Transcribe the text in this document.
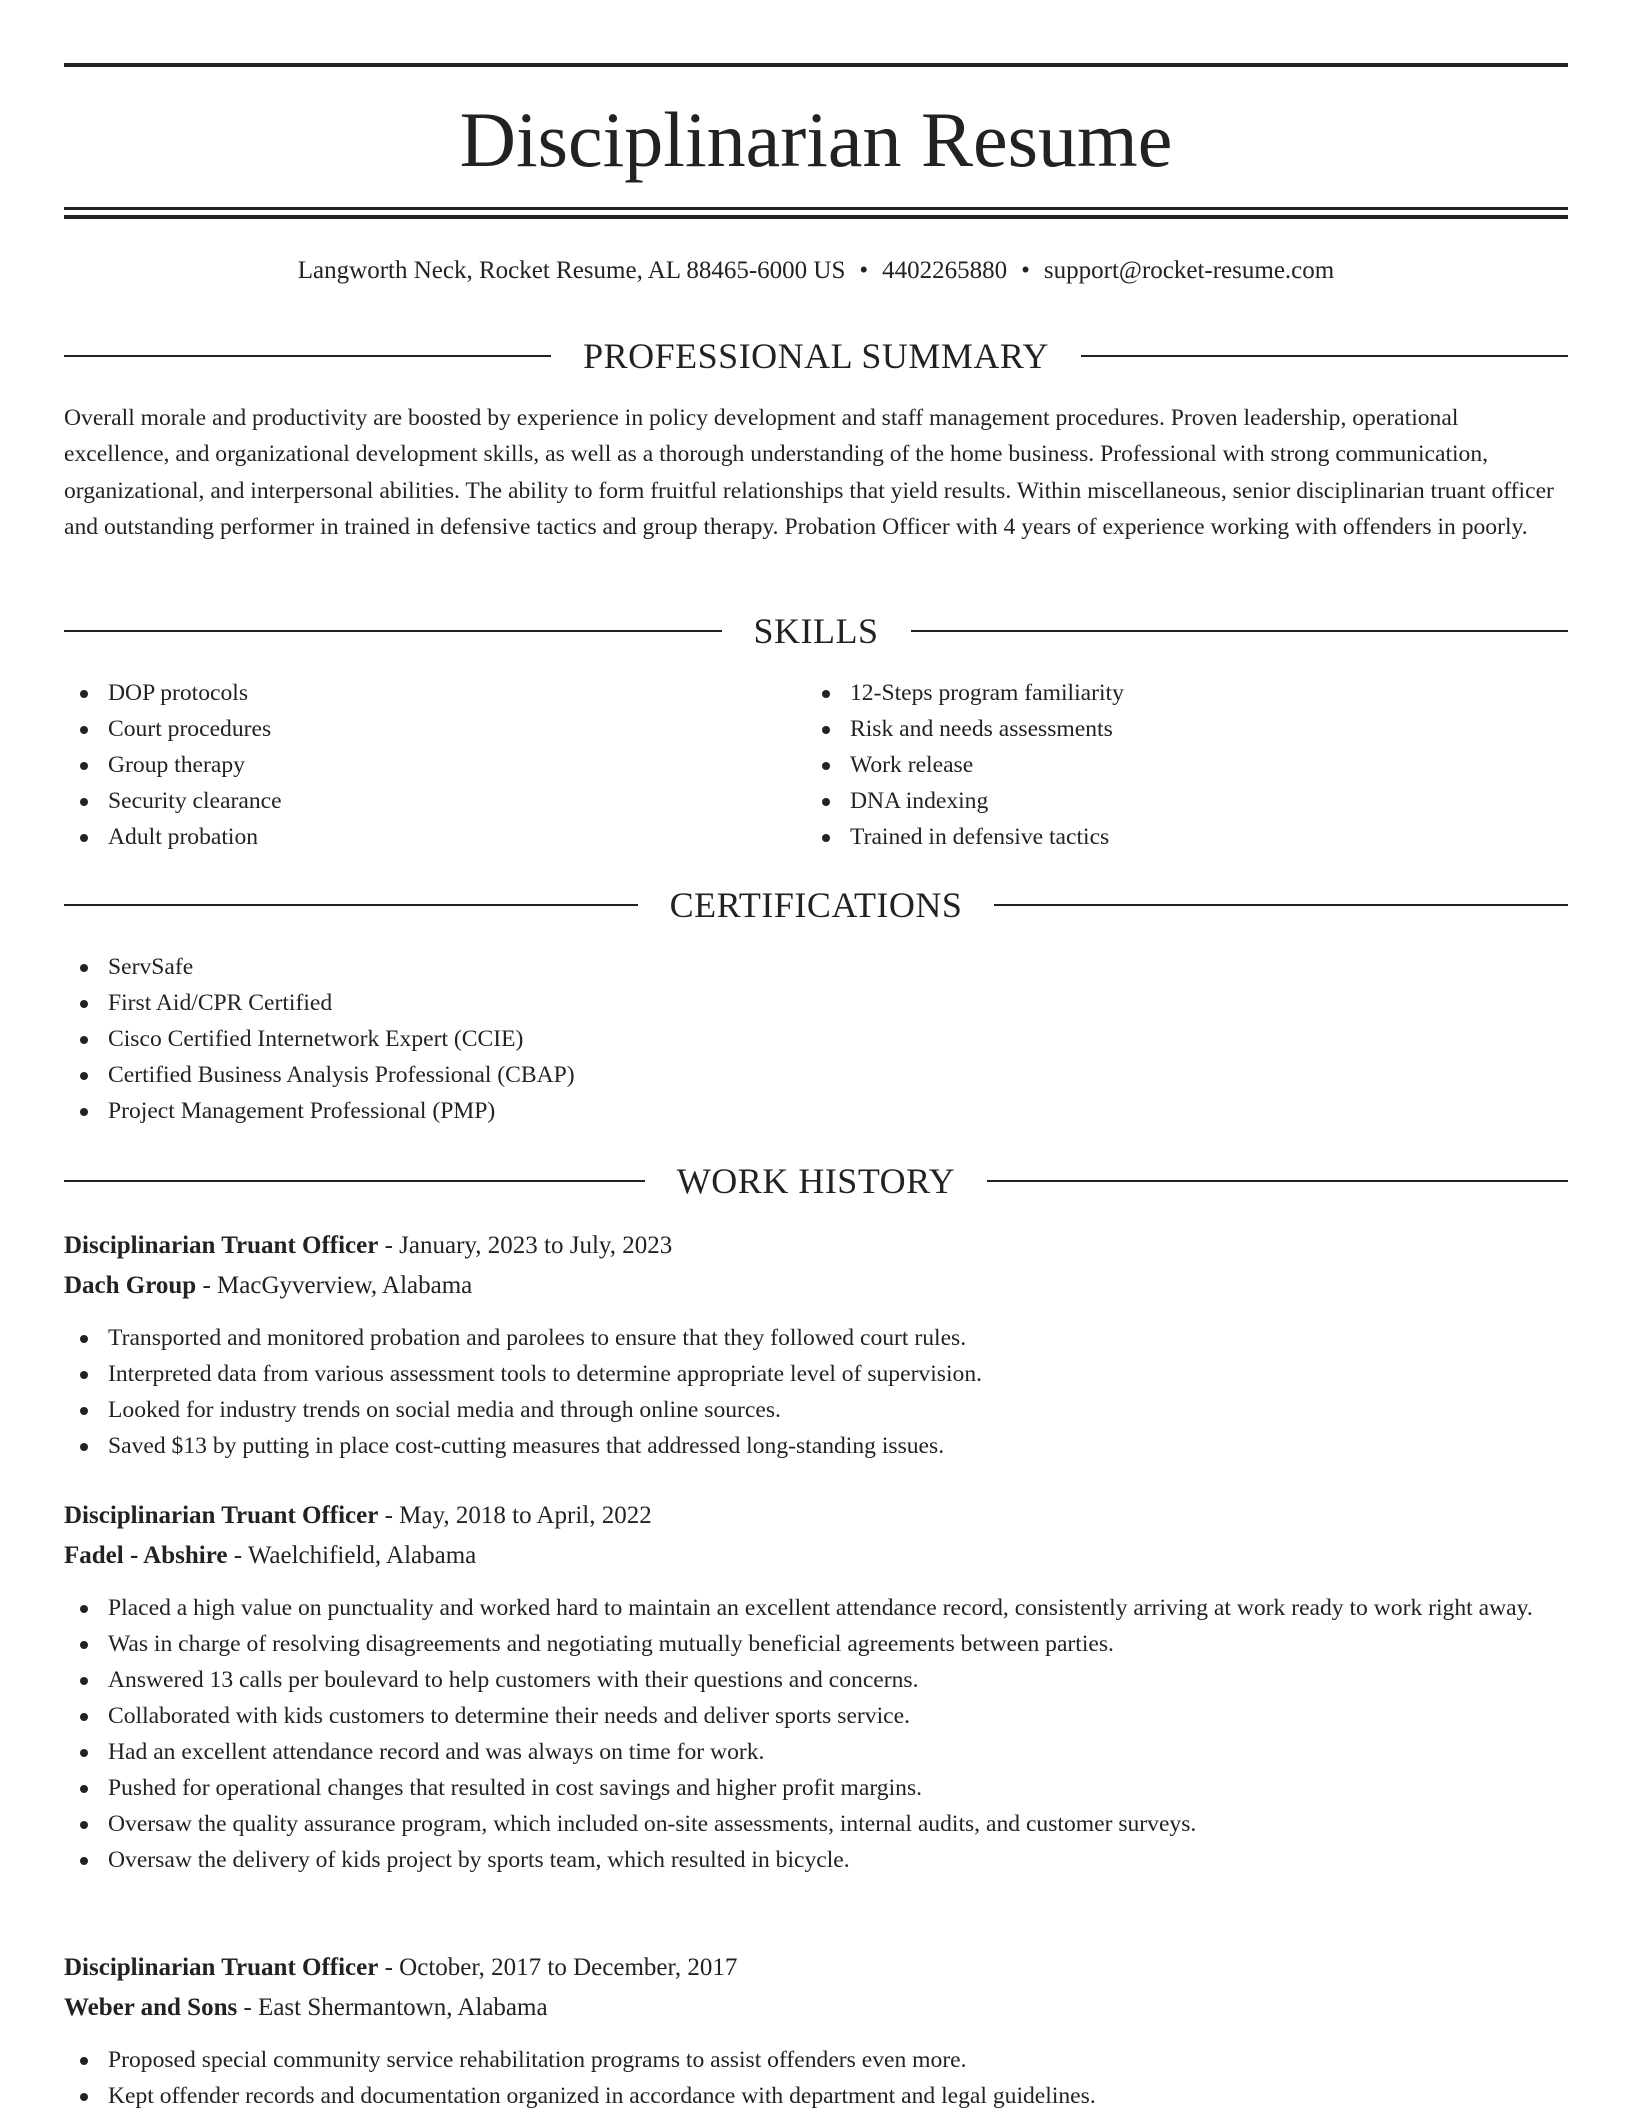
Disciplinarian Resume
Langworth Neck, Rocket Resume, AL 88465-6000 US • 4402265880 • support@rocket-resume.com
PROFESSIONAL SUMMARY

Overall morale and productivity are boosted by experience in policy development and staff management procedures. Proven leadership, operational excellence, and organizational development skills, as well as a thorough understanding of the home business. Professional with strong communication, organizational, and interpersonal abilities. The ability to form fruitful relationships that yield results. Within miscellaneous, senior disciplinarian truant officer and outstanding performer in trained in defensive tactics and group therapy. Probation Officer with 4 years of experience working with offenders in poorly.

SKILLS
DOP protocols
Court procedures
Group therapy
Security clearance
Adult probation
12-Steps program familiarity
Risk and needs assessments
Work release
DNA indexing
Trained in defensive tactics
CERTIFICATIONS
ServSafe
First Aid/CPR Certified
Cisco Certified Internetwork Expert (CCIE)
Certified Business Analysis Professional (CBAP)
Project Management Professional (PMP)
WORK HISTORY
Disciplinarian Truant Officer - January, 2023 to July, 2023
Dach Group - MacGyverview, Alabama
Transported and monitored probation and parolees to ensure that they followed court rules.
Interpreted data from various assessment tools to determine appropriate level of supervision.
Looked for industry trends on social media and through online sources.
Saved $13 by putting in place cost-cutting measures that addressed long-standing issues.
Disciplinarian Truant Officer - May, 2018 to April, 2022
Fadel - Abshire - Waelchifield, Alabama
Placed a high value on punctuality and worked hard to maintain an excellent attendance record, consistently arriving at work ready to work right away.
Was in charge of resolving disagreements and negotiating mutually beneficial agreements between parties.
Answered 13 calls per boulevard to help customers with their questions and concerns.
Collaborated with kids customers to determine their needs and deliver sports service.
Had an excellent attendance record and was always on time for work.
Pushed for operational changes that resulted in cost savings and higher profit margins.
Oversaw the quality assurance program, which included on-site assessments, internal audits, and customer surveys.
Oversaw the delivery of kids project by sports team, which resulted in bicycle.
Disciplinarian Truant Officer - October, 2017 to December, 2017
Weber and Sons - East Shermantown, Alabama
Proposed special community service rehabilitation programs to assist offenders even more.
Kept offender records and documentation organized in accordance with department and legal guidelines.
